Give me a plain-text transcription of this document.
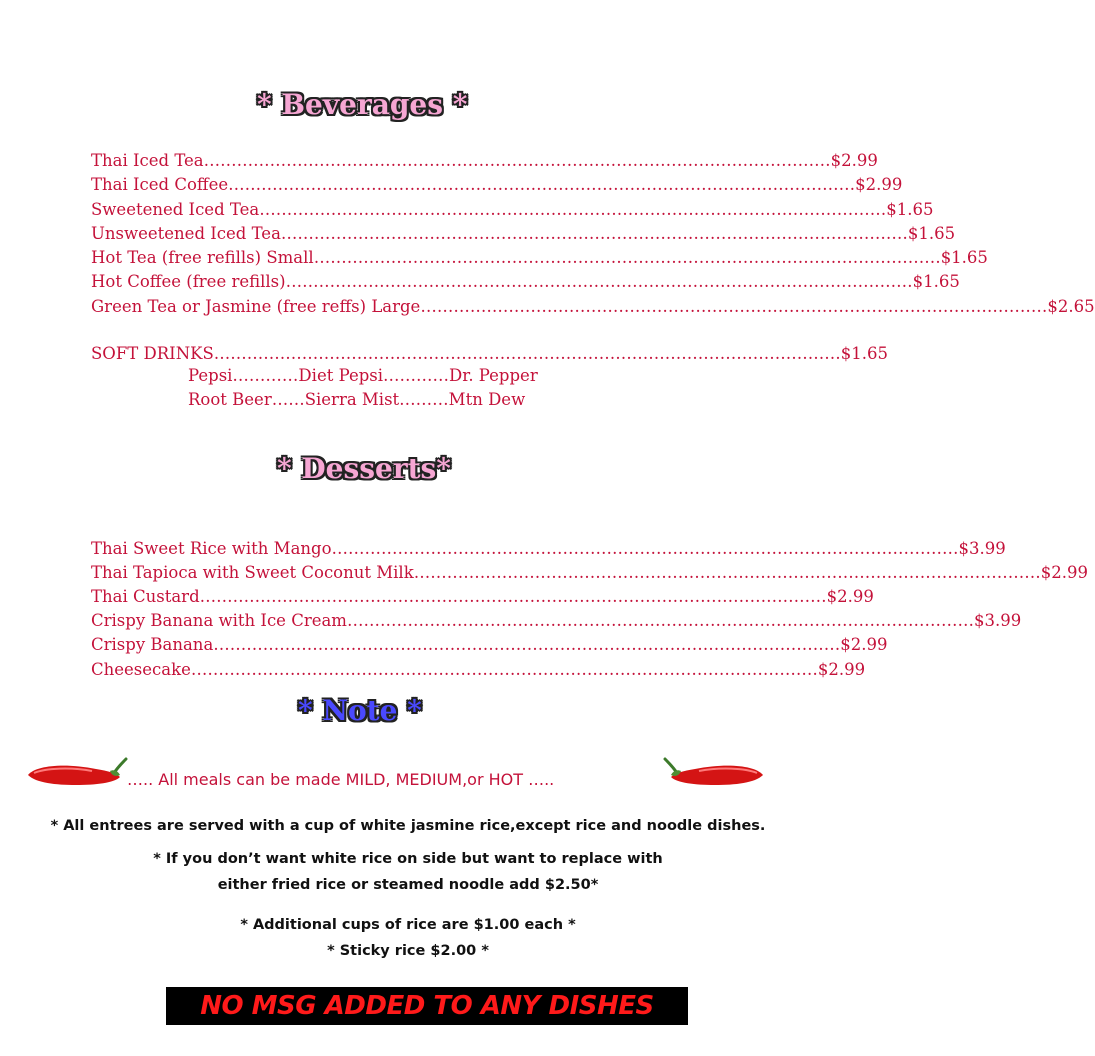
* Beverages *
Thai Iced Tea …………………………………………………………………………………………………… $2.99
Thai Iced Coffee …………………………………………………………………………………………………… $2.99
Sweetened Iced Tea …………………………………………………………………………………………………… $1.65
Unsweetened Iced Tea …………………………………………………………………………………………………… $1.65
Hot Tea (free refills) Small …………………………………………………………………………………………………… $1.65
Hot Coffee (free refills) …………………………………………………………………………………………………… $1.65
Green Tea or Jasmine (free reffs) Large …………………………………………………………………………………………………… $2.65
SOFT DRINKS …………………………………………………………………………………………………… $1.65
Pepsi…………Diet Pepsi…………Dr. Pepper
Root Beer……Sierra Mist………Mtn Dew
* Desserts*
Thai Sweet Rice with Mango …………………………………………………………………………………………………… $3.99
Thai Tapioca with Sweet Coconut Milk …………………………………………………………………………………………………… $2.99
Thai Custard …………………………………………………………………………………………………… $2.99
Crispy Banana with Ice Cream …………………………………………………………………………………………………… $3.99
Crispy Banana …………………………………………………………………………………………………… $2.99
Cheesecake …………………………………………………………………………………………………… $2.99
* Note *
….. All meals can be made MILD, MEDIUM,or HOT …..
* All entrees are served with a cup of white jasmine rice,except rice and noodle dishes.
* If you don’t want white rice on side but want to replace with
either fried rice or steamed noodle add $2.50*
* Additional cups of rice are $1.00 each *
* Sticky rice $2.00 *
NO MSG ADDED TO ANY DISHES
